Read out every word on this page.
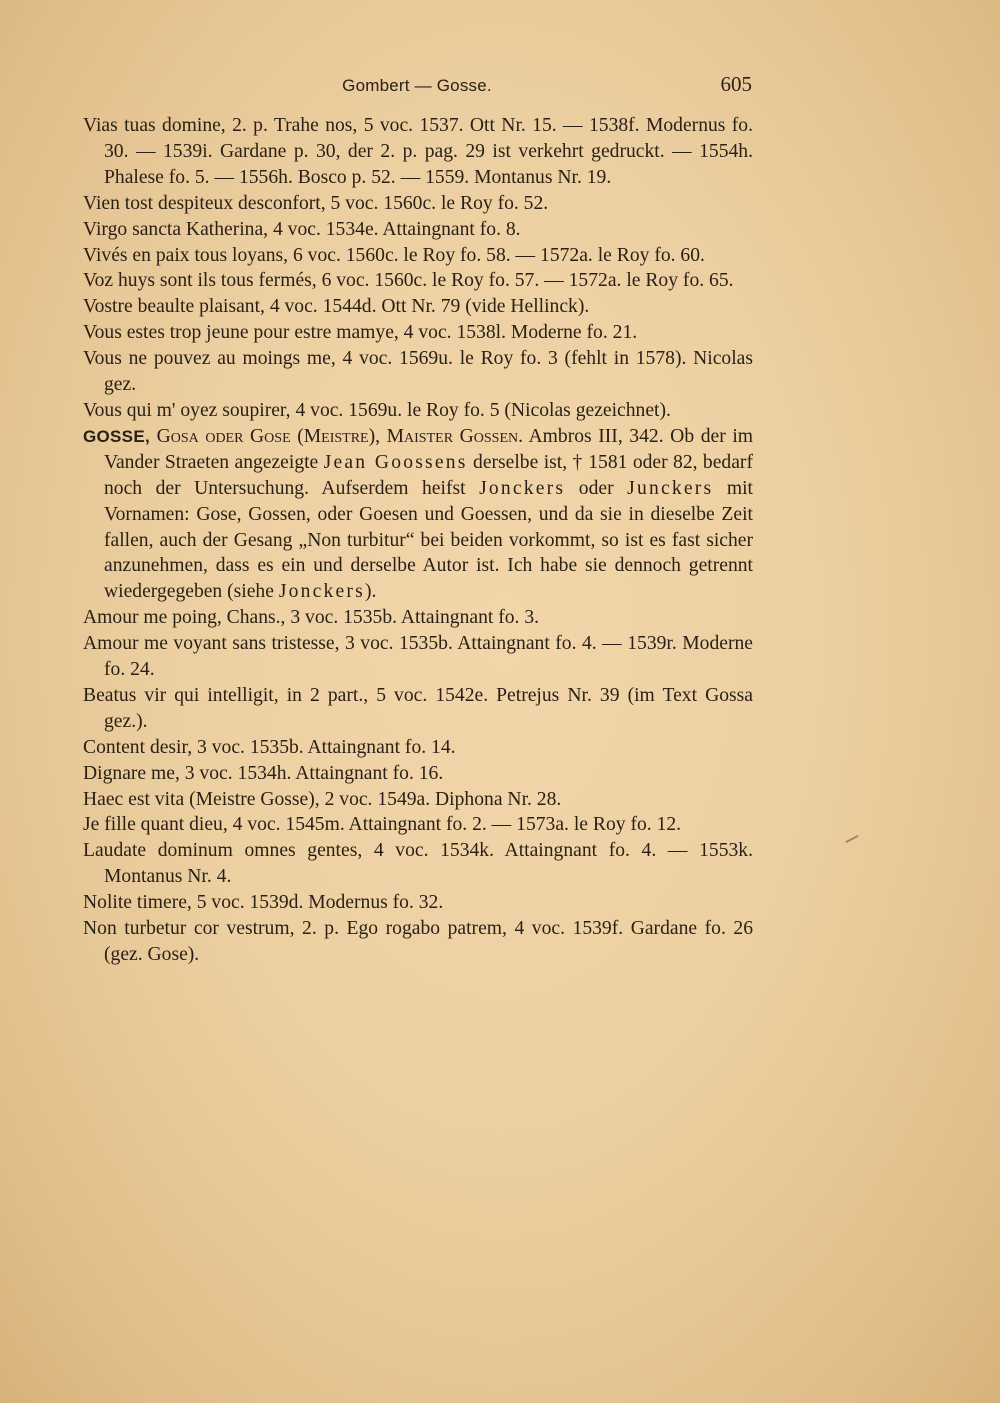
Gombert — Gosse.	605

Vias tuas domine, 2. p. Trahe nos, 5 voc. 1537. Ott Nr. 15. — 1538f. Modernus fo. 30. — 1539i. Gardane p. 30, der 2. p. pag. 29 ist verkehrt gedruckt. — 1554h. Phalese fo. 5. — 1556h. Bosco p. 52. — 1559. Montanus Nr. 19.

Vien tost despiteux desconfort, 5 voc. 1560c. le Roy fo. 52.

Virgo sancta Katherina, 4 voc. 1534e. Attaingnant fo. 8.

Vivés en paix tous loyans, 6 voc. 1560c. le Roy fo. 58. — 1572a. le Roy fo. 60.

Voz huys sont ils tous fermés, 6 voc. 1560c. le Roy fo. 57. — 1572a. le Roy fo. 65.

Vostre beaulte plaisant, 4 voc. 1544d. Ott Nr. 79 (vide Hellinck).

Vous estes trop jeune pour estre mamye, 4 voc. 1538l. Moderne fo. 21.

Vous ne pouvez au moings me, 4 voc. 1569u. le Roy fo. 3 (fehlt in 1578). Nicolas gez.

Vous qui m' oyez soupirer, 4 voc. 1569u. le Roy fo. 5 (Nicolas gezeichnet).

GOSSE, Gosa oder Gose (Meistre), Maister Gossen. Ambros III, 342. Ob der im Vander Straeten angezeigte Jean Goossens derselbe ist, † 1581 oder 82, bedarf noch der Untersuchung. Aufserdem heifst Jonckers oder Junckers mit Vornamen: Gose, Gossen, oder Goesen und Goessen, und da sie in dieselbe Zeit fallen, auch der Gesang „Non turbitur“ bei beiden vorkommt, so ist es fast sicher anzunehmen, dass es ein und derselbe Autor ist. Ich habe sie dennoch getrennt wiedergegeben (siehe Jonckers).

Amour me poing, Chans., 3 voc. 1535b. Attaingnant fo. 3.

Amour me voyant sans tristesse, 3 voc. 1535b. Attaingnant fo. 4. — 1539r. Moderne fo. 24.

Beatus vir qui intelligit, in 2 part., 5 voc. 1542e. Petrejus Nr. 39 (im Text Gossa gez.).

Content desir, 3 voc. 1535b. Attaingnant fo. 14.

Dignare me, 3 voc. 1534h. Attaingnant fo. 16.

Haec est vita (Meistre Gosse), 2 voc. 1549a. Diphona Nr. 28.

Je fille quant dieu, 4 voc. 1545m. Attaingnant fo. 2. — 1573a. le Roy fo. 12.

Laudate dominum omnes gentes, 4 voc. 1534k. Attaingnant fo. 4. — 1553k. Montanus Nr. 4.

Nolite timere, 5 voc. 1539d. Modernus fo. 32.

Non turbetur cor vestrum, 2. p. Ego rogabo patrem, 4 voc. 1539f. Gardane fo. 26 (gez. Gose).
